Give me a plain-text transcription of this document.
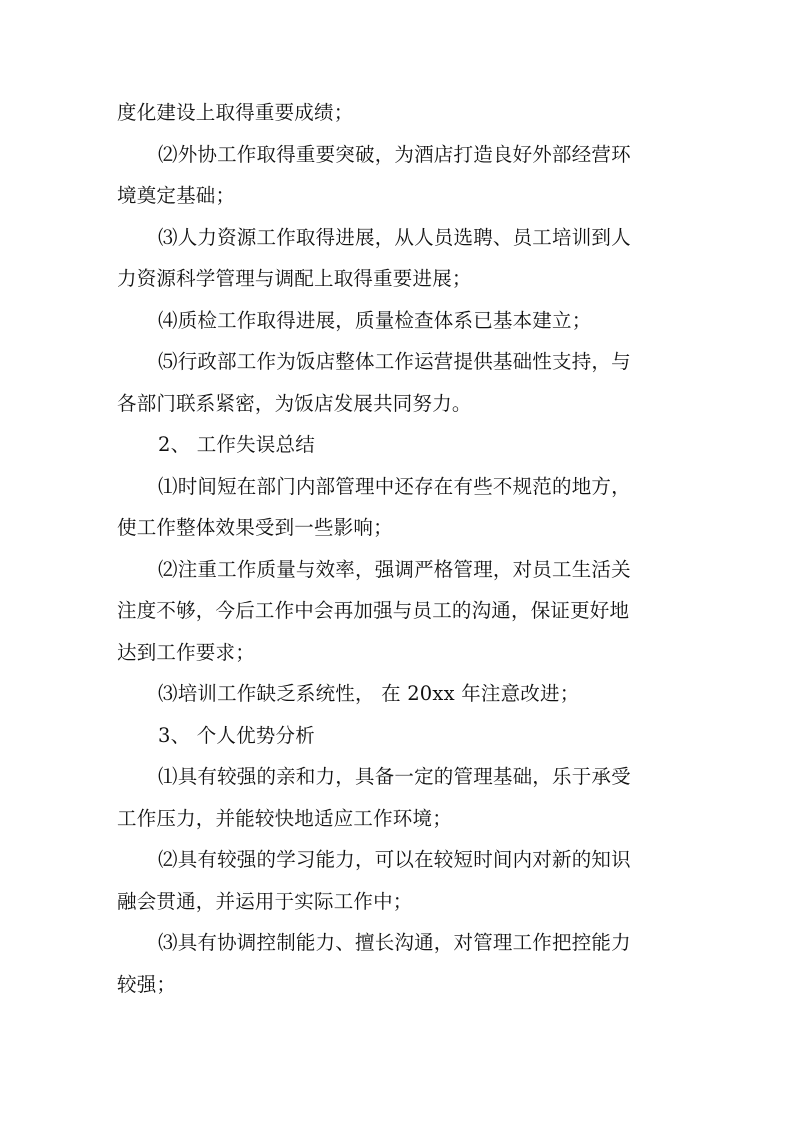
度化建设上取得重要成绩；
⑵外协工作取得重要突破，为酒店打造良好外部经营环
境奠定基础；
⑶人力资源工作取得进展，从人员选聘、员工培训到人
力资源科学管理与调配上取得重要进展；
⑷质检工作取得进展，质量检查体系已基本建立；
⑸行政部工作为饭店整体工作运营提供基础性支持，与
各部门联系紧密，为饭店发展共同努力。
2、 工作失误总结
⑴时间短在部门内部管理中还存在有些不规范的地方，
使工作整体效果受到一些影响；
⑵注重工作质量与效率，强调严格管理，对员工生活关
注度不够，今后工作中会再加强与员工的沟通，保证更好地
达到工作要求；
⑶培训工作缺乏系统性， 在 20xx 年注意改进；
3、 个人优势分析
⑴具有较强的亲和力，具备一定的管理基础，乐于承受
工作压力，并能较快地适应工作环境；
⑵具有较强的学习能力，可以在较短时间内对新的知识
融会贯通，并运用于实际工作中；
⑶具有协调控制能力、擅长沟通，对管理工作把控能力
较强；
